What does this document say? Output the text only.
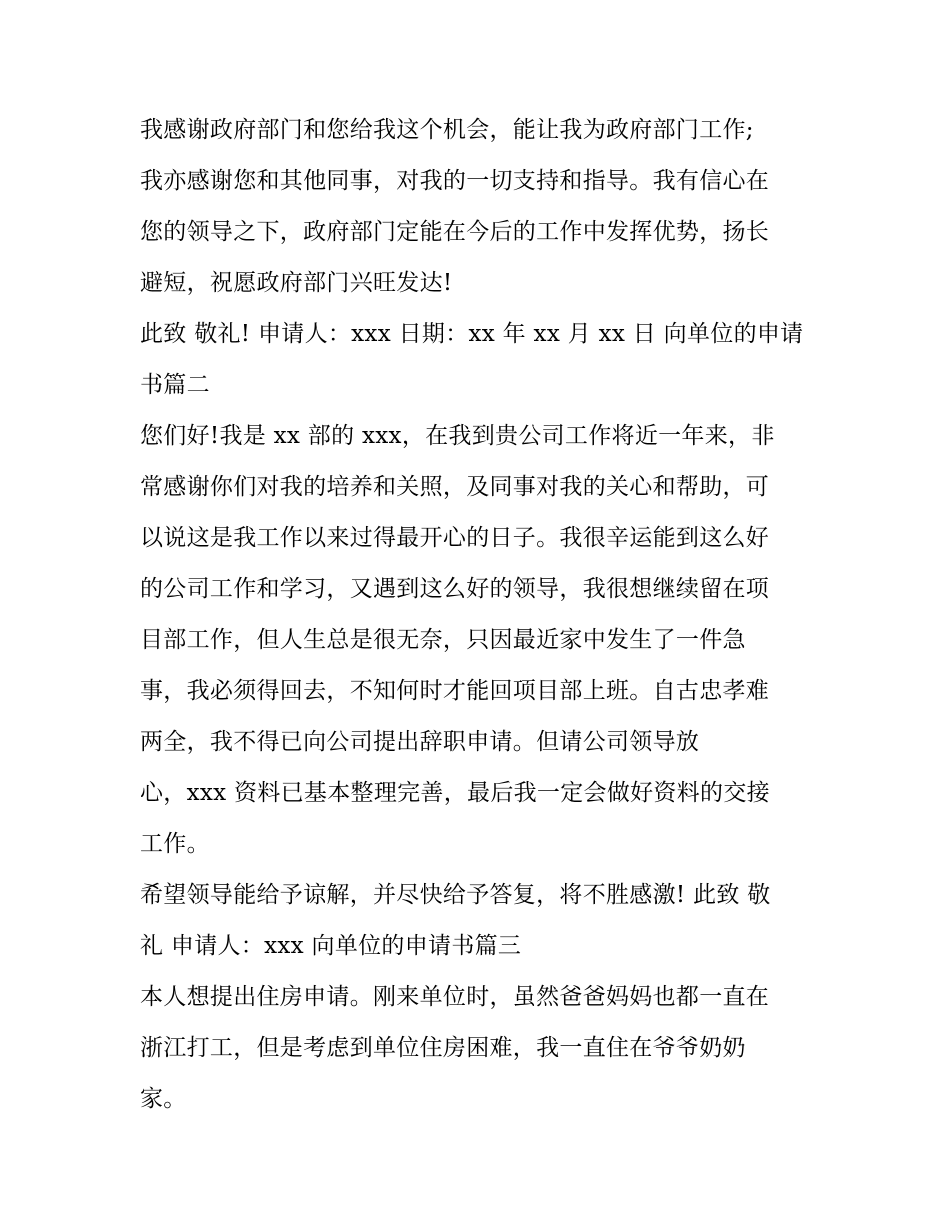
我感谢政府部门和您给我这个机会，能让我为政府部门工作;
我亦感谢您和其他同事，对我的一切支持和指导。我有信心在
您的领导之下，政府部门定能在今后的工作中发挥优势，扬长
避短，祝愿政府部门兴旺发达!
此致 敬礼! 申请人：xxx 日期：xx 年 xx 月 xx 日 向单位的申请
书篇二
您们好!我是 xx 部的 xxx，在我到贵公司工作将近一年来，非
常感谢你们对我的培养和关照，及同事对我的关心和帮助，可
以说这是我工作以来过得最开心的日子。我很辛运能到这么好
的公司工作和学习，又遇到这么好的领导，我很想继续留在项
目部工作，但人生总是很无奈，只因最近家中发生了一件急
事，我必须得回去，不知何时才能回项目部上班。自古忠孝难
两全，我不得已向公司提出辞职申请。但请公司领导放
心，xxx 资料已基本整理完善，最后我一定会做好资料的交接
工作。
希望领导能给予谅解，并尽快给予答复，将不胜感激! 此致 敬
礼 申请人：xxx 向单位的申请书篇三
本人想提出住房申请。刚来单位时，虽然爸爸妈妈也都一直在
浙江打工，但是考虑到单位住房困难，我一直住在爷爷奶奶
家。
